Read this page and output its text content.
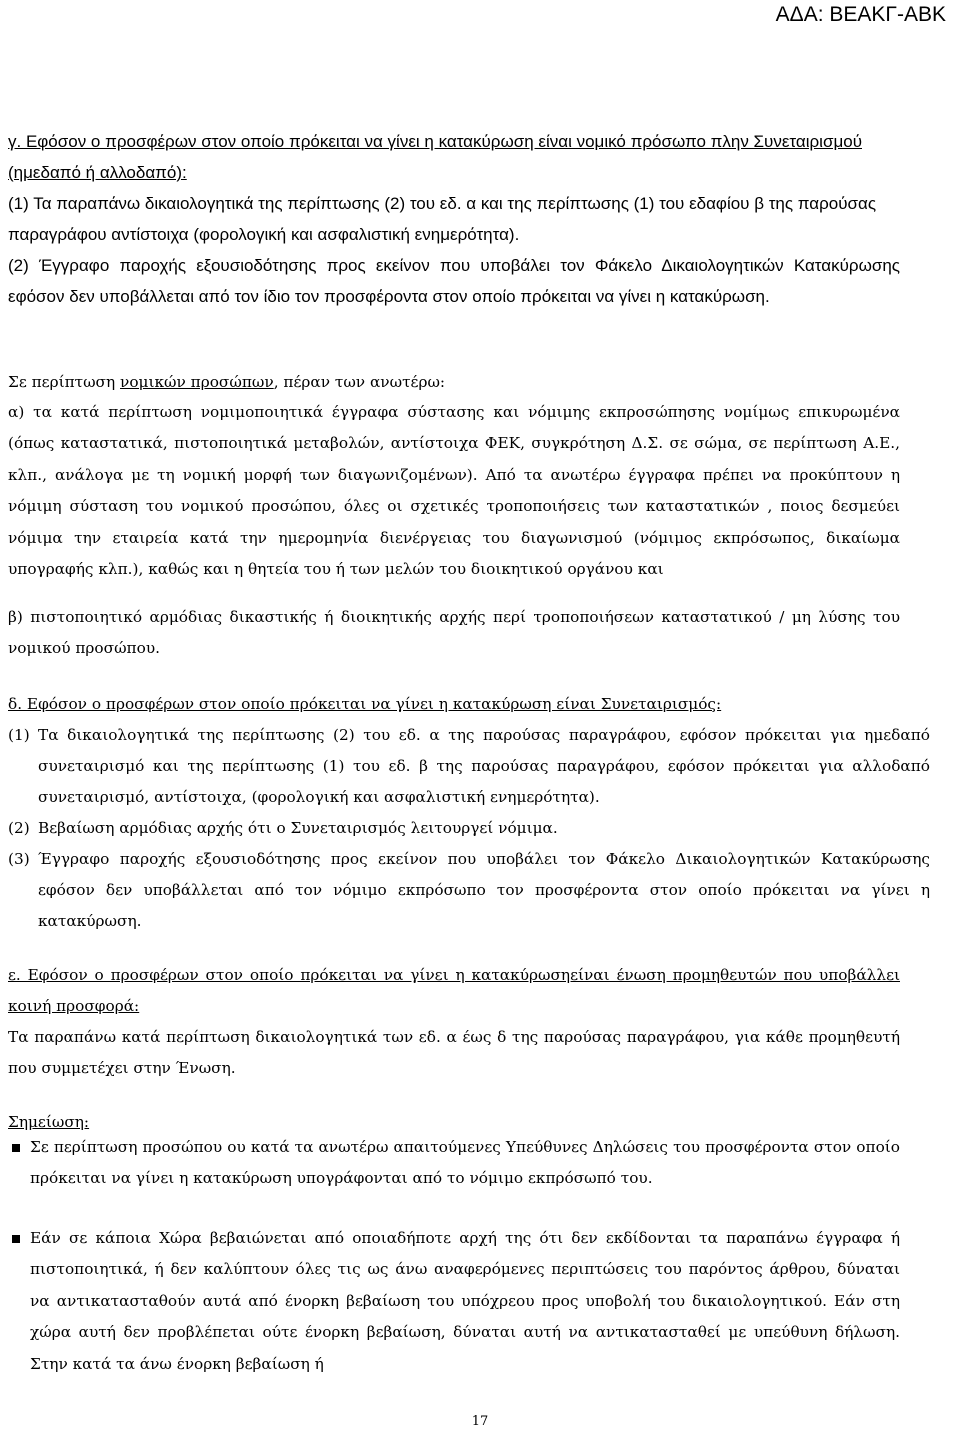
ΑΔΑ: ΒΕΑΚΓ-ΑΒΚ

γ. Εφόσον ο προσφέρων στον οποίο πρόκειται να γίνει η κατακύρωση είναι νομικό πρόσωπο πλην Συνεταιρισμού (ημεδαπό ή αλλοδαπό):

(1) Τα παραπάνω δικαιολογητικά της περίπτωσης (2) του εδ. α και της περίπτωσης (1) του εδαφίου β της παρούσας παραγράφου αντίστοιχα (φορολογική και ασφαλιστική ενημερότητα).

(2) Έγγραφο παροχής εξουσιοδότησης προς εκείνον που υποβάλει τον Φάκελο Δικαιολογητικών Κατακύρωσης εφόσον δεν υποβάλλεται από τον ίδιο τον προσφέροντα στον οποίο πρόκειται να γίνει η κατακύρωση.

Σε περίπτωση νομικών προσώπων, πέραν των ανωτέρω:

α) τα κατά περίπτωση νομιμοποιητικά έγγραφα σύστασης και νόμιμης εκπροσώπησης νομίμως επικυρωμένα (όπως καταστατικά, πιστοποιητικά μεταβολών, αντίστοιχα ΦΕΚ, συγκρότηση Δ.Σ. σε σώμα, σε περίπτωση Α.Ε., κλπ., ανάλογα με τη νομική μορφή των διαγωνιζομένων). Από τα ανωτέρω έγγραφα πρέπει να προκύπτουν η νόμιμη σύσταση του νομικού προσώπου, όλες οι σχετικές τροποποιήσεις των καταστατικών , ποιος δεσμεύει νόμιμα την εταιρεία κατά την ημερομηνία διενέργειας του διαγωνισμού (νόμιμος εκπρόσωπος, δικαίωμα υπογραφής κλπ.), καθώς και η θητεία του ή των μελών του διοικητικού οργάνου και

β) πιστοποιητικό αρμόδιας δικαστικής ή διοικητικής αρχής περί τροποποιήσεων καταστατικού / μη λύσης του νομικού προσώπου.

δ. Εφόσον ο προσφέρων στον οποίο πρόκειται να γίνει η κατακύρωση είναι Συνεταιρισμός:

(1) Τα δικαιολογητικά της περίπτωσης (2) του εδ. α της παρούσας παραγράφου, εφόσον πρόκειται για ημεδαπό συνεταιρισμό και της περίπτωσης (1) του εδ. β της παρούσας παραγράφου, εφόσον πρόκειται για αλλοδαπό συνεταιρισμό, αντίστοιχα, (φορολογική και ασφαλιστική ενημερότητα).

(2) Βεβαίωση αρμόδιας αρχής ότι ο Συνεταιρισμός λειτουργεί νόμιμα.

(3) Έγγραφο παροχής εξουσιοδότησης προς εκείνον που υποβάλει τον Φάκελο Δικαιολογητικών Κατακύρωσης εφόσον δεν υποβάλλεται από τον νόμιμο εκπρόσωπο τον προσφέροντα στον οποίο πρόκειται να γίνει η κατακύρωση.

ε. Εφόσον ο προσφέρων στον οποίο πρόκειται να γίνει η κατακύρωσηείναι ένωση προμηθευτών που υποβάλλει κοινή προσφορά:

Τα παραπάνω κατά περίπτωση δικαιολογητικά των εδ. α έως δ της παρούσας παραγράφου, για κάθε προμηθευτή που συμμετέχει στην Ένωση.

Σημείωση:

Σε περίπτωση προσώπου ου κατά τα ανωτέρω απαιτούμενες Υπεύθυνες Δηλώσεις του προσφέροντα στον οποίο πρόκειται να γίνει η κατακύρωση υπογράφονται από το νόμιμο εκπρόσωπό του.
Εάν σε κάποια Χώρα βεβαιώνεται από οποιαδήποτε αρχή της ότι δεν εκδίδονται τα παραπάνω έγγραφα ή πιστοποιητικά, ή δεν καλύπτουν όλες τις ως άνω αναφερόμενες περιπτώσεις του παρόντος άρθρου, δύναται να αντικατασταθούν αυτά από ένορκη βεβαίωση του υπόχρεου προς υποβολή του δικαιολογητικού. Εάν στη χώρα αυτή δεν προβλέπεται ούτε ένορκη βεβαίωση, δύναται αυτή να αντικατασταθεί με υπεύθυνη δήλωση. Στην κατά τα άνω ένορκη βεβαίωση ή
17
